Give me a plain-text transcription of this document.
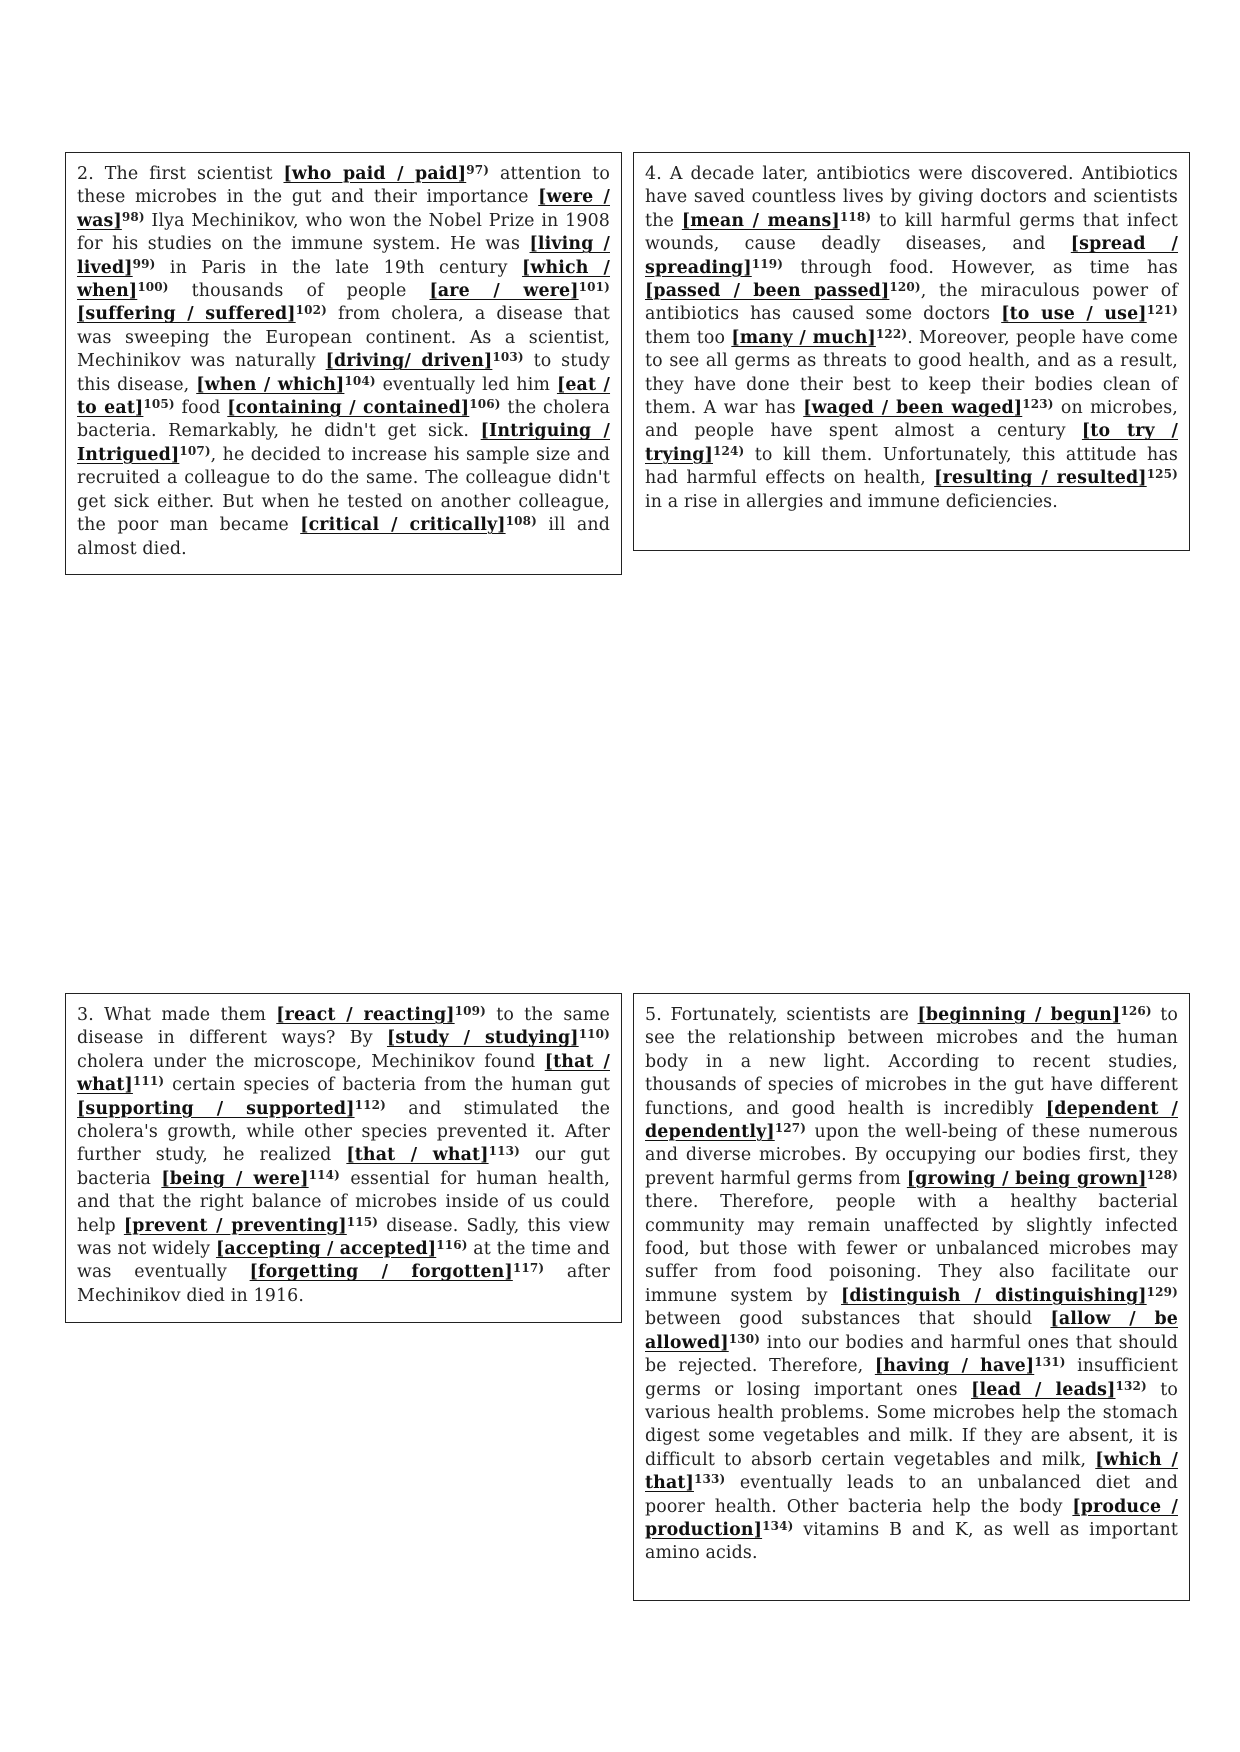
2. The first scientist [who paid / paid]$^{97)}$ attention to these microbes in the gut and their importance [were / was]$^{98)}$ Ilya Mechinikov, who won the Nobel Prize in 1908 for his studies on the immune system. He was [living / lived]$^{99)}$ in Paris in the late 19th century [which / when]$^{100)}$ thousands of people [are / were]$^{101)}$ [suffering / suffered]$^{102)}$ from cholera, a disease that was sweeping the European continent. As a scientist, Mechinikov was naturally [driving/ driven]$^{103)}$ to study this disease, [when / which]$^{104)}$ eventually led him [eat / to eat]$^{105)}$ food [containing / contained]$^{106)}$ the cholera bacteria. Remarkably, he didn't get sick. [Intriguing / Intrigued]$^{107)}$, he decided to increase his sample size and recruited a colleague to do the same. The colleague didn't get sick either. But when he tested on another colleague, the poor man became [critical / critically]$^{108)}$ ill and almost died.
4. A decade later, antibiotics were discovered. Antibiotics have saved countless lives by giving doctors and scientists the [mean / means]$^{118)}$ to kill harmful germs that infect wounds, cause deadly diseases, and [spread / spreading]$^{119)}$ through food. However, as time has [passed / been passed]$^{120)}$, the miraculous power of antibiotics has caused some doctors [to use / use]$^{121)}$ them too [many / much]$^{122)}$. Moreover, people have come to see all germs as threats to good health, and as a result, they have done their best to keep their bodies clean of them. A war has [waged / been waged]$^{123)}$ on microbes, and people have spent almost a century [to try / trying]$^{124)}$ to kill them. Unfortunately, this attitude has had harmful effects on health, [resulting / resulted]$^{125)}$ in a rise in allergies and immune deficiencies.
3. What made them [react / reacting]$^{109)}$ to the same disease in different ways? By [study / studying]$^{110)}$ cholera under the microscope, Mechinikov found [that / what]$^{111)}$ certain species of bacteria from the human gut [supporting / supported]$^{112)}$ and stimulated the cholera's growth, while other species prevented it. After further study, he realized [that / what]$^{113)}$ our gut bacteria [being / were]$^{114)}$ essential for human health, and that the right balance of microbes inside of us could help [prevent / preventing]$^{115)}$ disease. Sadly, this view was not widely [accepting / accepted]$^{116)}$ at the time and was eventually [forgetting / forgotten]$^{117)}$ after Mechinikov died in 1916.
5. Fortunately, scientists are [beginning / begun]$^{126)}$ to see the relationship between microbes and the human body in a new light. According to recent studies, thousands of species of microbes in the gut have different functions, and good health is incredibly [dependent / dependently]$^{127)}$ upon the well-being of these numerous and diverse microbes. By occupying our bodies first, they prevent harmful germs from [growing / being grown]$^{128)}$ there. Therefore, people with a healthy bacterial community may remain unaffected by slightly infected food, but those with fewer or unbalanced microbes may suffer from food poisoning. They also facilitate our immune system by [distinguish / distinguishing]$^{129)}$ between good substances that should [allow / be allowed]$^{130)}$ into our bodies and harmful ones that should be rejected. Therefore, [having / have]$^{131)}$ insufficient germs or losing important ones [lead / leads]$^{132)}$ to various health problems. Some microbes help the stomach digest some vegetables and milk. If they are absent, it is difficult to absorb certain vegetables and milk, [which / that]$^{133)}$ eventually leads to an unbalanced diet and poorer health. Other bacteria help the body [produce / production]$^{134)}$ vitamins B and K, as well as important amino acids.
